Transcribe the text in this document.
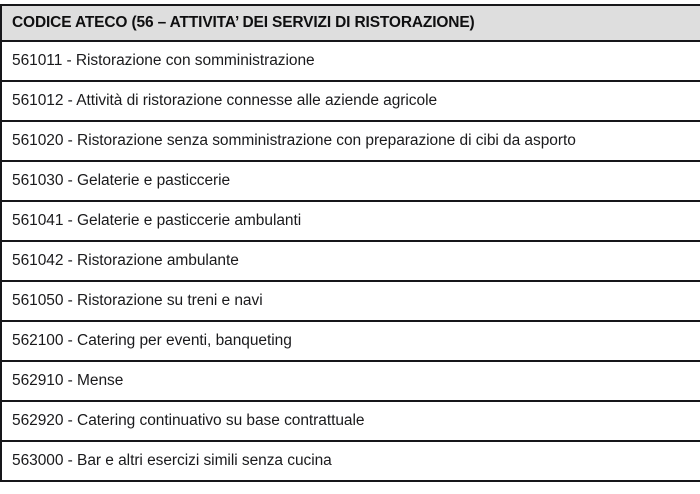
CODICE ATECO (56 – ATTIVITA’ DEI SERVIZI DI RISTORAZIONE)
561011 - Ristorazione con somministrazione
561012 - Attività di ristorazione connesse alle aziende agricole
561020 - Ristorazione senza somministrazione con preparazione di cibi da asporto
561030 - Gelaterie e pasticcerie
561041 - Gelaterie e pasticcerie ambulanti
561042 - Ristorazione ambulante
561050 - Ristorazione su treni e navi
562100 - Catering per eventi, banqueting
562910 - Mense
562920 - Catering continuativo su base contrattuale
563000 - Bar e altri esercizi simili senza cucina
